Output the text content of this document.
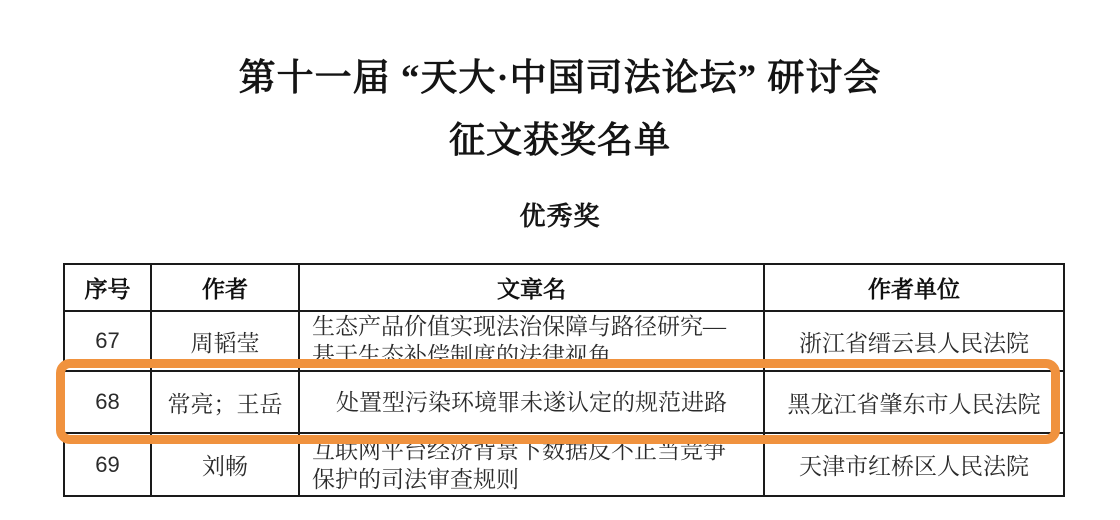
第十一届 “天大·中国司法论坛” 研讨会
征文获奖名单
优秀奖
序号	作者	文章名	作者单位
67	周韬莹	生态产品价值实现法治保障与路径研究—
基于生态补偿制度的法律视角	浙江省缙云县人民法院
68	常亮；王岳	处置型污染环境罪未遂认定的规范进路	黑龙江省肇东市人民法院
69	刘畅	互联网平台经济背景下数据反不正当竞争
保护的司法审查规则	天津市红桥区人民法院
